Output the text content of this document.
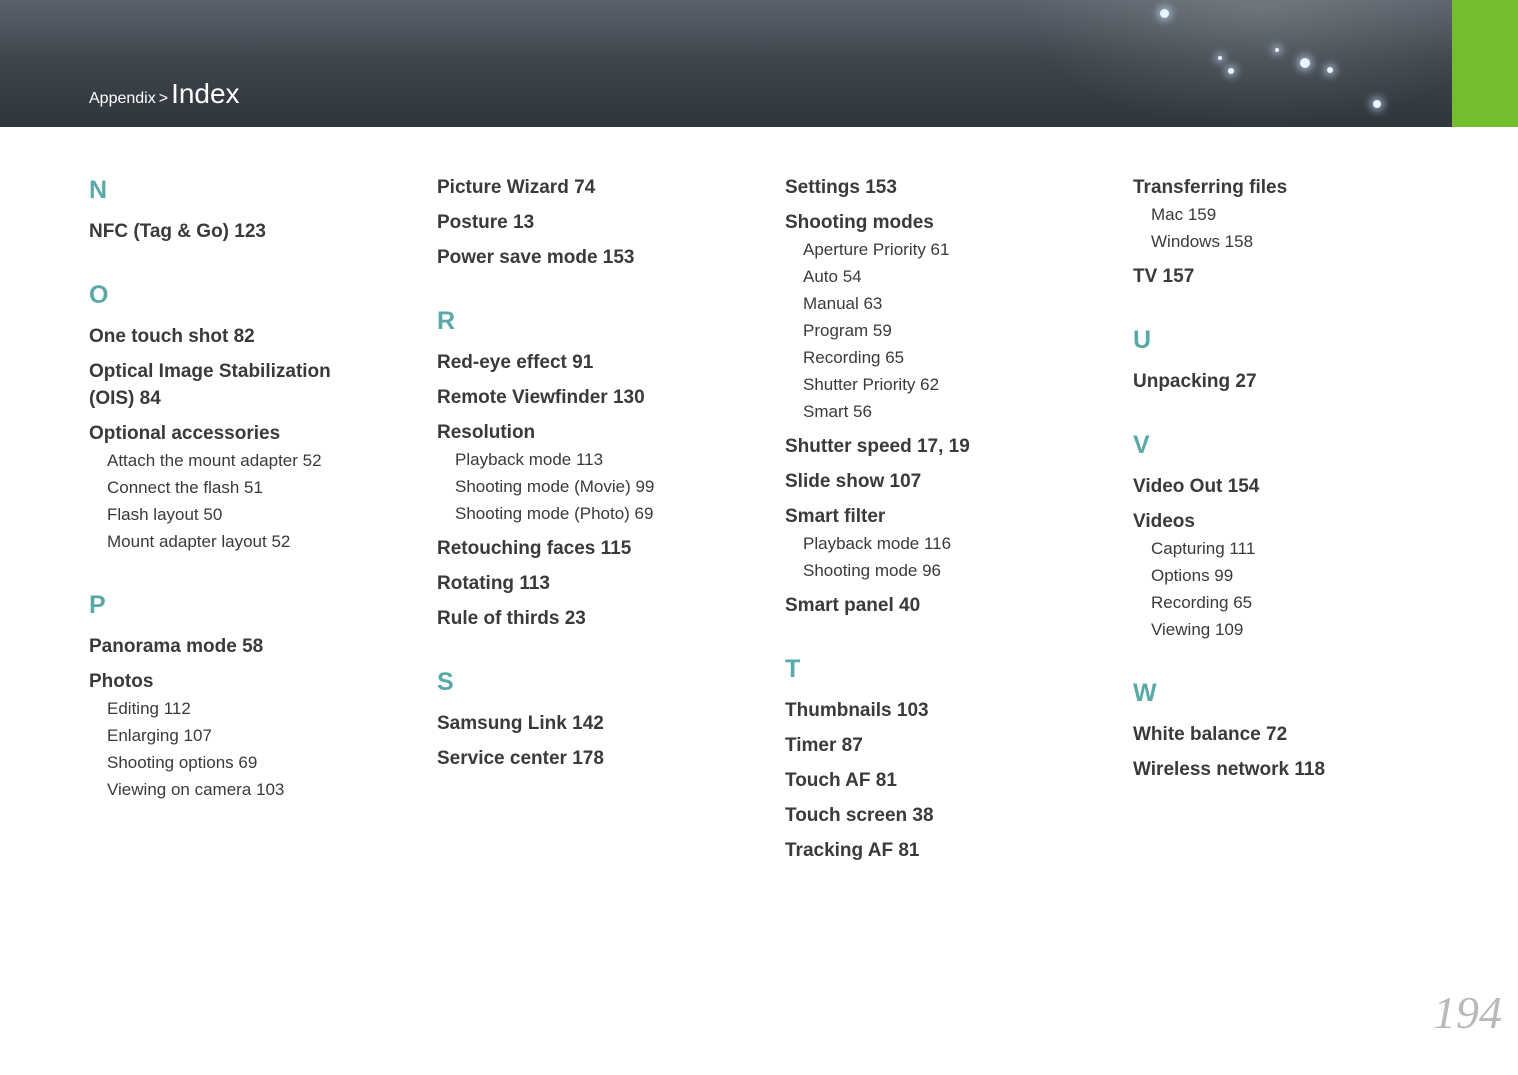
Appendix > Index
N
NFC (Tag & Go) 123
O
One touch shot 82
Optical Image Stabilization (OIS) 84
Optional accessories
Attach the mount adapter 52
Connect the flash 51
Flash layout 50
Mount adapter layout 52
P
Panorama mode 58
Photos
Editing 112
Enlarging 107
Shooting options 69
Viewing on camera 103
Picture Wizard 74
Posture 13
Power save mode 153
R
Red-eye effect 91
Remote Viewfinder 130
Resolution
Playback mode 113
Shooting mode (Movie) 99
Shooting mode (Photo) 69
Retouching faces 115
Rotating 113
Rule of thirds 23
S
Samsung Link 142
Service center 178
Settings 153
Shooting modes
Aperture Priority 61
Auto 54
Manual 63
Program 59
Recording 65
Shutter Priority 62
Smart 56
Shutter speed 17, 19
Slide show 107
Smart filter
Playback mode 116
Shooting mode 96
Smart panel 40
T
Thumbnails 103
Timer 87
Touch AF 81
Touch screen 38
Tracking AF 81
Transferring files
Mac 159
Windows 158
TV 157
U
Unpacking 27
V
Video Out 154
Videos
Capturing 111
Options 99
Recording 65
Viewing 109
W
White balance 72
Wireless network 118
194
